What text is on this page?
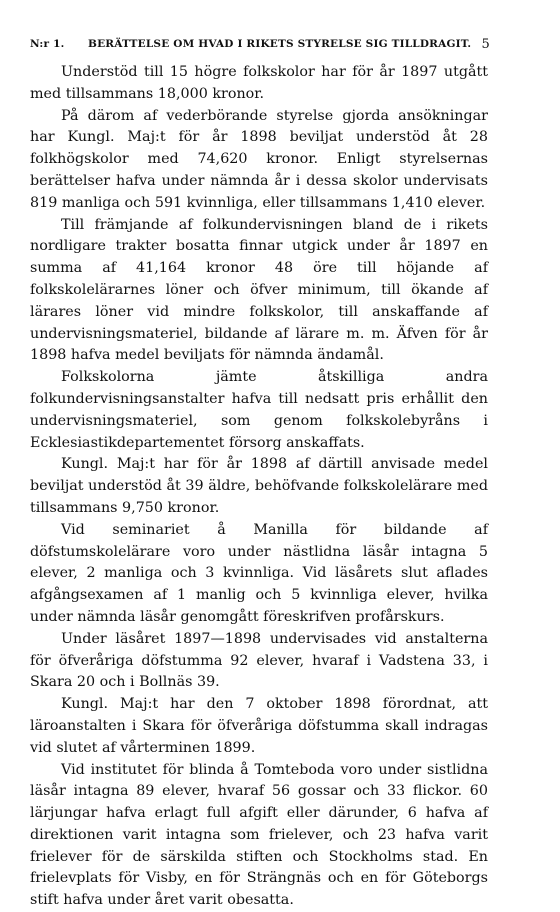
N:r 1. BERÄTTELSE OM HVAD I RIKETS STYRELSE SIG TILLDRAGIT. 5

Understöd till 15 högre folkskolor har för år 1897 utgått med tillsammans 18,000 kronor.

På därom af vederbörande styrelse gjorda ansökningar har Kungl. Maj:t för år 1898 beviljat understöd åt 28 folkhögskolor med 74,620 kronor. Enligt styrelsernas berättelser hafva under nämnda år i dessa skolor undervisats 819 manliga och 591 kvinnliga, eller tillsammans 1,410 elever.

Till främjande af folkundervisningen bland de i rikets nordligare trakter bosatta finnar utgick under år 1897 en summa af 41,164 kronor 48 öre till höjande af folkskolelärarnes löner och öfver minimum, till ökande af lärares löner vid mindre folkskolor, till anskaffande af undervisningsmateriel, bildande af lärare m. m. Äfven för år 1898 hafva medel beviljats för nämnda ändamål.

Folkskolorna jämte åtskilliga andra folkundervisningsanstalter hafva till nedsatt pris erhållit den undervisningsmateriel, som genom folkskolebyråns i Ecklesiastikdepartementet försorg anskaffats.

Kungl. Maj:t har för år 1898 af därtill anvisade medel beviljat understöd åt 39 äldre, behöfvande folkskolelärare med tillsammans 9,750 kronor.

Vid seminariet å Manilla för bildande af döfstumskolelärare voro under nästlidna läsår intagna 5 elever, 2 manliga och 3 kvinnliga. Vid läsårets slut aflades afgångsexamen af 1 manlig och 5 kvinnliga elever, hvilka under nämnda läsår genomgått föreskrifven profårskurs.

Under läsåret 1897—1898 undervisades vid anstalterna för öfveråriga döfstumma 92 elever, hvaraf i Vadstena 33, i Skara 20 och i Bollnäs 39.

Kungl. Maj:t har den 7 oktober 1898 förordnat, att läroanstalten i Skara för öfveråriga döfstumma skall indragas vid slutet af vårterminen 1899.

Vid institutet för blinda å Tomteboda voro under sistlidna läsår intagna 89 elever, hvaraf 56 gossar och 33 flickor. 60 lärjungar hafva erlagt full afgift eller därunder, 6 hafva af direktionen varit intagna som frielever, och 23 hafva varit frielever för de särskilda stiften och Stockholms stad. En frielevplats för Visby, en för Strängnäs och en för Göteborgs stift hafva under året varit obesatta.
